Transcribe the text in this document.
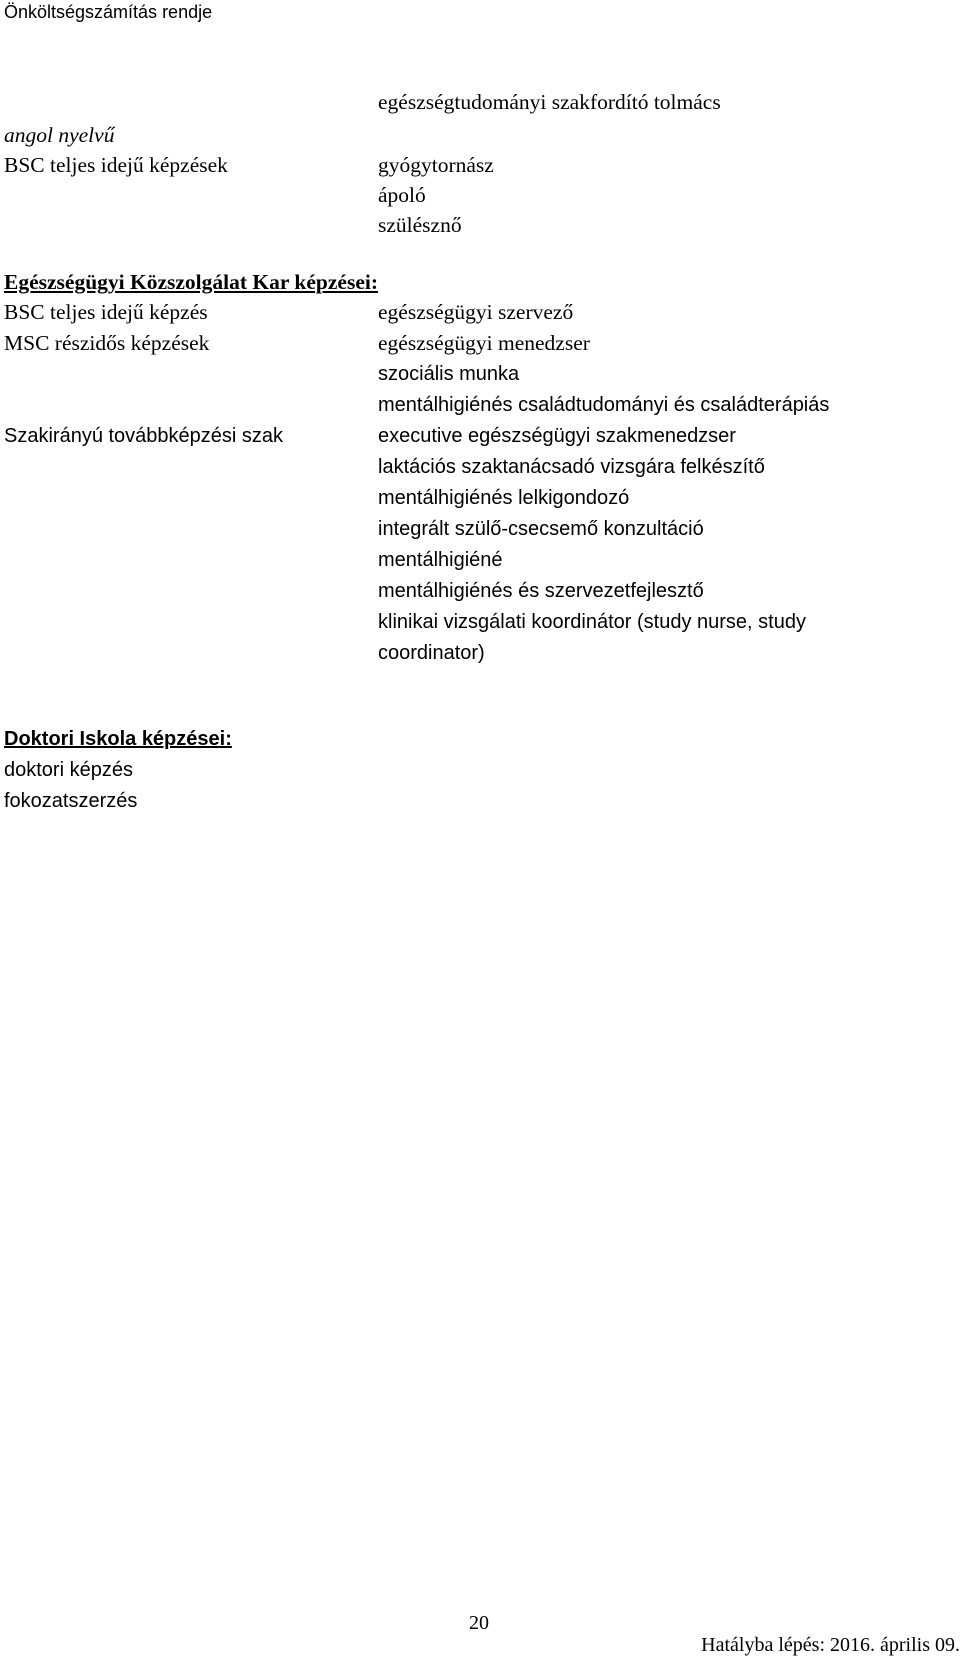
Önköltségszámítás rendje
egészségtudományi szakfordító tolmács
angol nyelvű
BSC teljes idejű képzések	gyógytornász
ápoló
szülésznő
Egészségügyi Közszolgálat Kar képzései:
BSC teljes idejű képzés	egészségügyi szervező
MSC részidős képzések	egészségügyi menedzser
szociális munka
mentálhigiénés családtudományi és családterápiás
Szakirányú továbbképzési szak	executive egészségügyi szakmenedzser
laktációs szaktanácsadó vizsgára felkészítő
mentálhigiénés lelkigondozó
integrált szülő-csecsemő konzultáció
mentálhigiéné
mentálhigiénés és szervezetfejlesztő
klinikai vizsgálati koordinátor (study nurse, study
coordinator)
Doktori Iskola képzései:
doktori képzés
fokozatszerzés
20
Hatályba lépés: 2016. április 09.
